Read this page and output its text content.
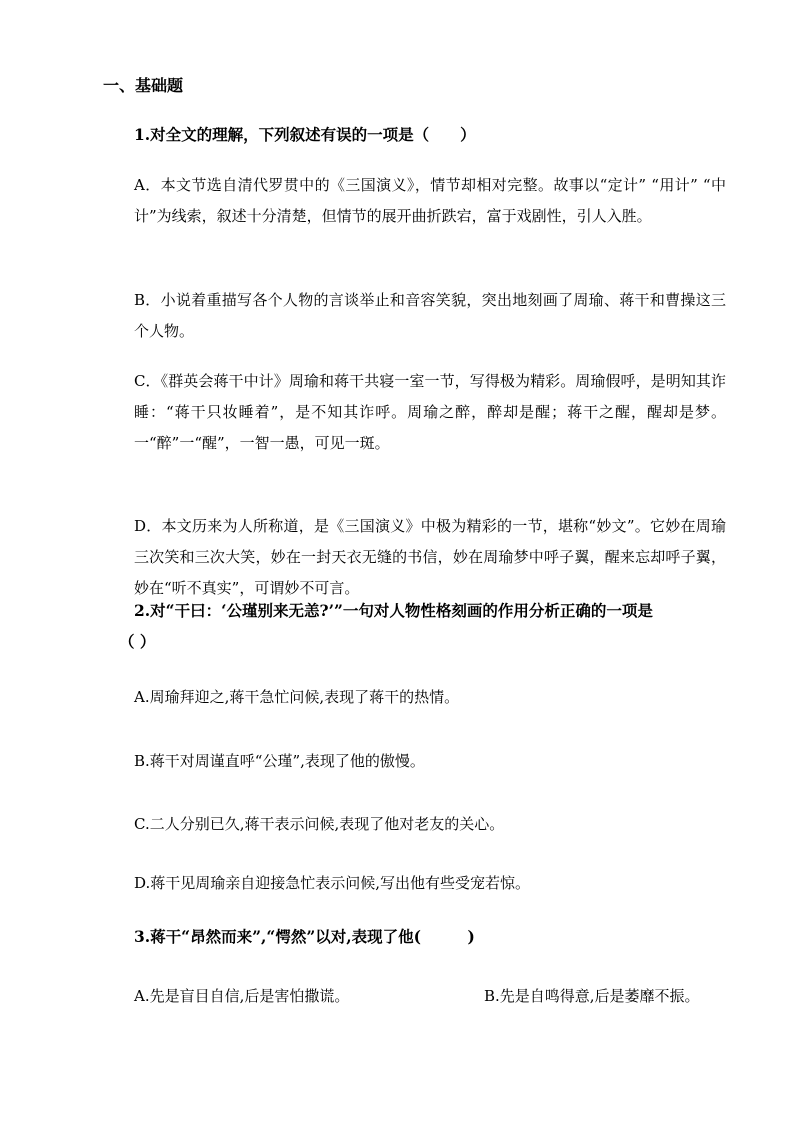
一、基础题
1.对全文的理解，下列叙述有误的一项是（　　）
A．本文节选自清代罗贯中的《三国演义》，情节却相对完整。故事以“定计” “用计” “中计”为线索，叙述十分清楚，但情节的展开曲折跌宕，富于戏剧性，引人入胜。
B．小说着重描写各个人物的言谈举止和音容笑貌，突出地刻画了周瑜、蒋干和曹操这三个人物。
C．《群英会蒋干中计》周瑜和蒋干共寝一室一节，写得极为精彩。周瑜假呼，是明知其诈睡：“蒋干只妆睡着”，是不知其诈呼。周瑜之醉，醉却是醒；蒋干之醒，醒却是梦。一“醉”一“醒”，一智一愚，可见一斑。
D．本文历来为人所称道，是《三国演义》中极为精彩的一节，堪称“妙文”。它妙在周瑜三次笑和三次大笑，妙在一封天衣无缝的书信，妙在周瑜梦中呼子翼，醒来忘却呼子翼，妙在“听不真实”，可谓妙不可言。
2.对“干曰：‘公瑾别来无恙?’”一句对人物性格刻画的作用分析正确的一项是
（ ）
A.周瑜拜迎之,蒋干急忙问候,表现了蒋干的热情。
B.蒋干对周谨直呼“公瑾”,表现了他的傲慢。
C.二人分别已久,蒋干表示问候,表现了他对老友的关心。
D.蒋干见周瑜亲自迎接急忙表示问候,写出他有些受宠若惊。
3.蒋干“昂然而来”,“愕然”以对,表现了他(　　　)
A.先是盲目自信,后是害怕撒谎。	B.先是自鸣得意,后是萎靡不振。
